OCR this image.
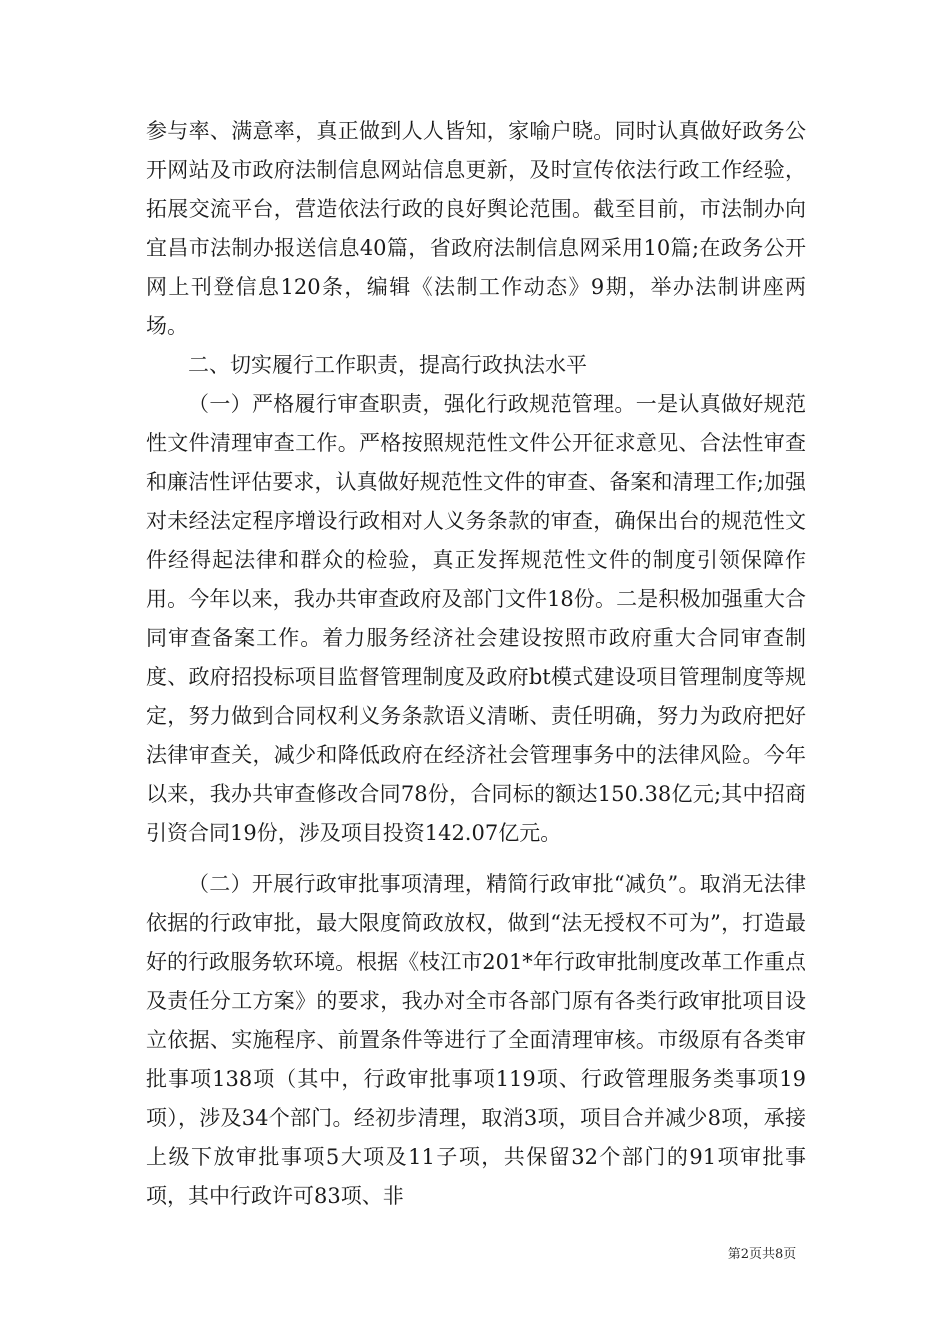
参与率、满意率，真正做到人人皆知，家喻户晓。同时认真做好政务公开网站及市政府法制信息网站信息更新，及时宣传依法行政工作经验，拓展交流平台，营造依法行政的良好舆论范围。截至目前，市法制办向宜昌市法制办报送信息40篇，省政府法制信息网采用10篇;在政务公开网上刊登信息120条，编辑《法制工作动态》9期，举办法制讲座两场。

二、切实履行工作职责，提高行政执法水平

（一）严格履行审查职责，强化行政规范管理。一是认真做好规范性文件清理审查工作。严格按照规范性文件公开征求意见、合法性审查和廉洁性评估要求，认真做好规范性文件的审查、备案和清理工作;加强对未经法定程序增设行政相对人义务条款的审查，确保出台的规范性文件经得起法律和群众的检验，真正发挥规范性文件的制度引领保障作用。今年以来，我办共审查政府及部门文件18份。二是积极加强重大合同审查备案工作。着力服务经济社会建设按照市政府重大合同审查制度、政府招投标项目监督管理制度及政府bt模式建设项目管理制度等规定，努力做到合同权利义务条款语义清晰、责任明确，努力为政府把好法律审查关，减少和降低政府在经济社会管理事务中的法律风险。今年以来，我办共审查修改合同78份，合同标的额达150.38亿元;其中招商引资合同19份，涉及项目投资142.07亿元。

（二）开展行政审批事项清理，精简行政审批“减负”。取消无法律依据的行政审批，最大限度简政放权，做到“法无授权不可为”，打造最好的行政服务软环境。根据《枝江市201*年行政审批制度改革工作重点及责任分工方案》的要求，我办对全市各部门原有各类行政审批项目设立依据、实施程序、前置条件等进行了全面清理审核。市级原有各类审批事项138项（其中，行政审批事项119项、行政管理服务类事项19项），涉及34个部门。经初步清理，取消3项，项目合并减少8项，承接上级下放审批事项5大项及11子项，共保留32个部门的91项审批事项，其中行政许可83项、非

第2页共8页
